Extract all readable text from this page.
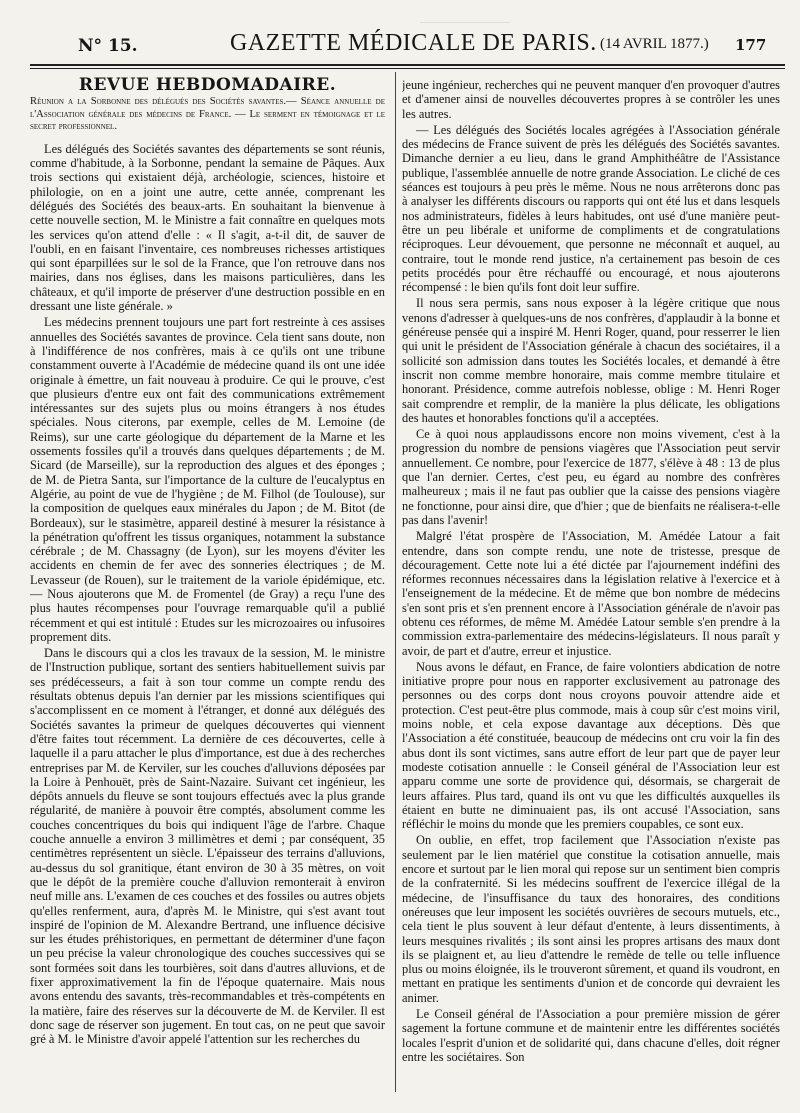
N° 15.	GAZETTE MÉDICALE DE PARIS. (14 AVRIL 1877.) 177
REVUE HEBDOMADAIRE.
Réunion a la Sorbonne des délégués des Sociétés savantes.— Séance annuelle de l'Association générale des médecins de France. — Le serment en témoignage et le secret professionnel.

Les délégués des Sociétés savantes des départements se sont réunis, comme d'habitude, à la Sorbonne, pendant la semaine de Pâques. Aux trois sections qui existaient déjà, archéologie, sciences, histoire et philologie, on en a joint une autre, cette année, comprenant les délégués des Sociétés des beaux-arts. En souhaitant la bienvenue à cette nouvelle section, M. le Ministre a fait connaître en quelques mots les services qu'on attend d'elle : « Il s'agit, a-t-il dit, de sauver de l'oubli, en en faisant l'inventaire, ces nombreuses richesses artistiques qui sont éparpillées sur le sol de la France, que l'on retrouve dans nos mairies, dans nos églises, dans les maisons particulières, dans les châteaux, et qu'il importe de préserver d'une destruction possible en en dressant une liste générale. »

Les médecins prennent toujours une part fort restreinte à ces assises annuelles des Sociétés savantes de province. Cela tient sans doute, non à l'indifférence de nos confrères, mais à ce qu'ils ont une tribune constamment ouverte à l'Académie de médecine quand ils ont une idée originale à émettre, un fait nouveau à produire. Ce qui le prouve, c'est que plusieurs d'entre eux ont fait des communications extrêmement intéressantes sur des sujets plus ou moins étrangers à nos études spéciales. Nous citerons, par exemple, celles de M. Lemoine (de Reims), sur une carte géologique du département de la Marne et les ossements fossiles qu'il a trouvés dans quelques départements ; de M. Sicard (de Marseille), sur la reproduction des algues et des éponges ; de M. de Pietra Santa, sur l'importance de la culture de l'eucalyptus en Algérie, au point de vue de l'hygiène ; de M. Filhol (de Toulouse), sur la composition de quelques eaux minérales du Japon ; de M. Bitot (de Bordeaux), sur le stasimètre, appareil destiné à mesurer la résistance à la pénétration qu'offrent les tissus organiques, notamment la substance cérébrale ; de M. Chassagny (de Lyon), sur les moyens d'éviter les accidents en chemin de fer avec des sonneries électriques ; de M. Levasseur (de Rouen), sur le traitement de la variole épidémique, etc. — Nous ajouterons que M. de Fromentel (de Gray) a reçu l'une des plus hautes récompenses pour l'ouvrage remarquable qu'il a publié récemment et qui est intitulé : Etudes sur les microzoaires ou infusoires proprement dits.

Dans le discours qui a clos les travaux de la session, M. le ministre de l'Instruction publique, sortant des sentiers habituellement suivis par ses prédécesseurs, a fait à son tour comme un compte rendu des résultats obtenus depuis l'an dernier par les missions scientifiques qui s'accomplissent en ce moment à l'étranger, et donné aux délégués des Sociétés savantes la primeur de quelques découvertes qui viennent d'être faites tout récemment. La dernière de ces découvertes, celle à laquelle il a paru attacher le plus d'importance, est due à des recherches entreprises par M. de Kerviler, sur les couches d'alluvions déposées par la Loire à Penhouët, près de Saint-Nazaire. Suivant cet ingénieur, les dépôts annuels du fleuve se sont toujours effectués avec la plus grande régularité, de manière à pouvoir être comptés, absolument comme les couches concentriques du bois qui indiquent l'âge de l'arbre. Chaque couche annuelle a environ 3 millimètres et demi ; par conséquent, 35 centimètres représentent un siècle. L'épaisseur des terrains d'alluvions, au-dessus du sol granitique, étant environ de 30 à 35 mètres, on voit que le dépôt de la première couche d'alluvion remonterait à environ neuf mille ans. L'examen de ces couches et des fossiles ou autres objets qu'elles renferment, aura, d'après M. le Ministre, qui s'est avant tout inspiré de l'opinion de M. Alexandre Bertrand, une influence décisive sur les études préhistoriques, en permettant de déterminer d'une façon un peu précise la valeur chronologique des couches successives qui se sont formées soit dans les tourbières, soit dans d'autres alluvions, et de fixer approximativement la fin de l'époque quaternaire. Mais nous avons entendu des savants, très-recommandables et très-compétents en la matière, faire des réserves sur la découverte de M. de Kerviler. Il est donc sage de réserver son jugement. En tout cas, on ne peut que savoir gré à M. le Ministre d'avoir appelé l'attention sur les recherches du

jeune ingénieur, recherches qui ne peuvent manquer d'en provoquer d'autres et d'amener ainsi de nouvelles découvertes propres à se contrôler les unes les autres.

— Les délégués des Sociétés locales agrégées à l'Association générale des médecins de France suivent de près les délégués des Sociétés savantes. Dimanche dernier a eu lieu, dans le grand Amphithéâtre de l'Assistance publique, l'assemblée annuelle de notre grande Association. Le cliché de ces séances est toujours à peu près le même. Nous ne nous arrêterons donc pas à analyser les différents discours ou rapports qui ont été lus et dans lesquels nos administrateurs, fidèles à leurs habitudes, ont usé d'une manière peut-être un peu libérale et uniforme de compliments et de congratulations réciproques. Leur dévouement, que personne ne méconnaît et auquel, au contraire, tout le monde rend justice, n'a certainement pas besoin de ces petits procédés pour être réchauffé ou encouragé, et nous ajouterons récompensé : le bien qu'ils font doit leur suffire.

Il nous sera permis, sans nous exposer à la légère critique que nous venons d'adresser à quelques-uns de nos confrères, d'applaudir à la bonne et généreuse pensée qui a inspiré M. Henri Roger, quand, pour resserrer le lien qui unit le président de l'Association générale à chacun des sociétaires, il a sollicité son admission dans toutes les Sociétés locales, et demandé à être inscrit non comme membre honoraire, mais comme membre titulaire et honorant. Présidence, comme autrefois noblesse, oblige : M. Henri Roger sait comprendre et remplir, de la manière la plus délicate, les obligations des hautes et honorables fonctions qu'il a acceptées.

Ce à quoi nous applaudissons encore non moins vivement, c'est à la progression du nombre de pensions viagères que l'Association peut servir annuellement. Ce nombre, pour l'exercice de 1877, s'élève à 48 : 13 de plus que l'an dernier. Certes, c'est peu, eu égard au nombre des confrères malheureux ; mais il ne faut pas oublier que la caisse des pensions viagère ne fonctionne, pour ainsi dire, que d'hier ; que de bienfaits ne réalisera-t-elle pas dans l'avenir!

Malgré l'état prospère de l'Association, M. Amédée Latour a fait entendre, dans son compte rendu, une note de tristesse, presque de découragement. Cette note lui a été dictée par l'ajournement indéfini des réformes reconnues nécessaires dans la législation relative à l'exercice et à l'enseignement de la médecine. Et de même que bon nombre de médecins s'en sont pris et s'en prennent encore à l'Association générale de n'avoir pas obtenu ces réformes, de même M. Amédée Latour semble s'en prendre à la commission extra-parlementaire des médecins-législateurs. Il nous paraît y avoir, de part et d'autre, erreur et injustice.

Nous avons le défaut, en France, de faire volontiers abdication de notre initiative propre pour nous en rapporter exclusivement au patronage des personnes ou des corps dont nous croyons pouvoir attendre aide et protection. C'est peut-être plus commode, mais à coup sûr c'est moins viril, moins noble, et cela expose davantage aux déceptions. Dès que l'Association a été constituée, beaucoup de médecins ont cru voir la fin des abus dont ils sont victimes, sans autre effort de leur part que de payer leur modeste cotisation annuelle : le Conseil général de l'Association leur est apparu comme une sorte de providence qui, désormais, se chargerait de leurs affaires. Plus tard, quand ils ont vu que les difficultés auxquelles ils étaient en butte ne diminuaient pas, ils ont accusé l'Association, sans réfléchir le moins du monde que les premiers coupables, ce sont eux.

On oublie, en effet, trop facilement que l'Association n'existe pas seulement par le lien matériel que constitue la cotisation annuelle, mais encore et surtout par le lien moral qui repose sur un sentiment bien compris de la confraternité. Si les médecins souffrent de l'exercice illégal de la médecine, de l'insuffisance du taux des honoraires, des conditions onéreuses que leur imposent les sociétés ouvrières de secours mutuels, etc., cela tient le plus souvent à leur défaut d'entente, à leurs dissentiments, à leurs mesquines rivalités ; ils sont ainsi les propres artisans des maux dont ils se plaignent et, au lieu d'attendre le remède de telle ou telle influence plus ou moins éloignée, ils le trouveront sûrement, et quand ils voudront, en mettant en pratique les sentiments d'union et de concorde qui devraient les animer.

Le Conseil général de l'Association a pour première mission de gérer sagement la fortune commune et de maintenir entre les différentes sociétés locales l'esprit d'union et de solidarité qui, dans chacune d'elles, doit régner entre les sociétaires. Son
